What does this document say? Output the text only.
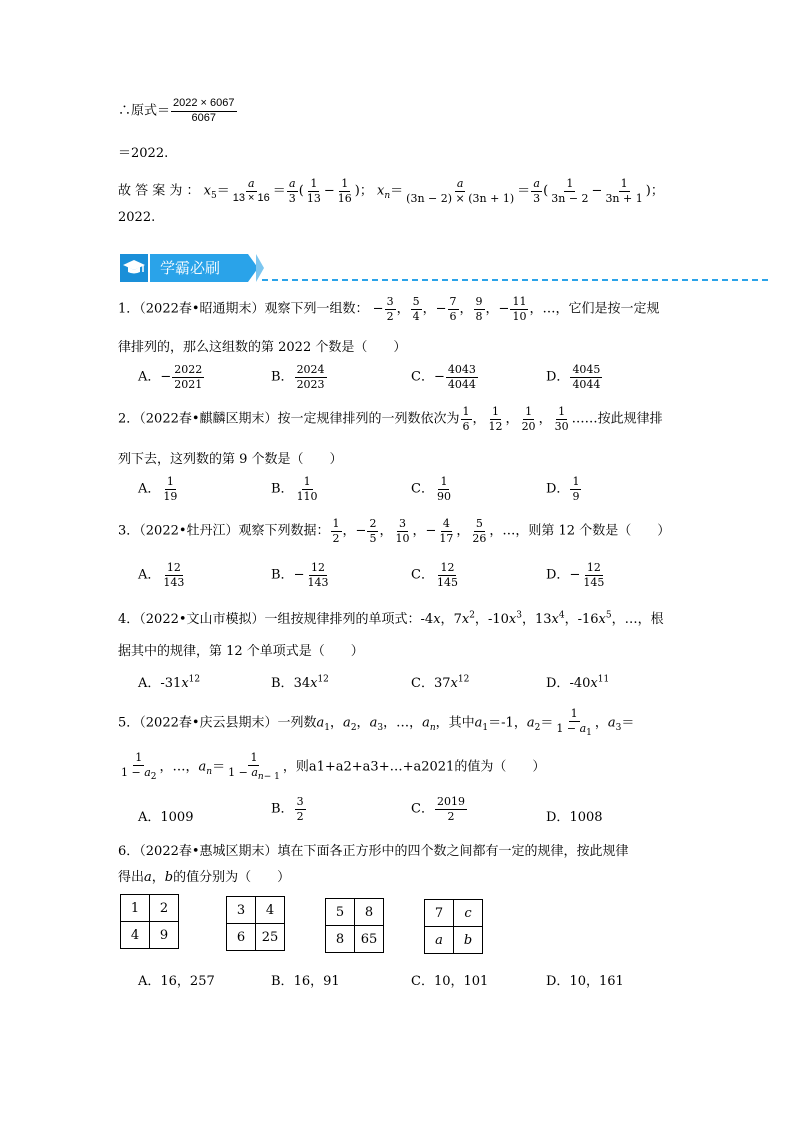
∴原式＝ $\frac{2022 \times 6067}{6067}$
＝2022.
故 答 案 为 ： $x_5= \frac{a}{13 \times 16} = \frac{a}{3}$ ( $\frac{1}{13} - \frac{1}{16}$ )； $x_n= \frac{a}{(3n - 2) \times (3n + 1)} = \frac{a}{3}$ ( $\frac{1}{3n - 2} - \frac{1}{3n + 1}$ )；
2022.
学霸必刷
1．（2022春•昭通期末）观察下列一组数： − $\frac{3}{2}$ ， $\frac{5}{4}$ ，− $\frac{7}{6}$ ， $\frac{9}{8}$ ，− $\frac{11}{10}$ ，…，它们是按一定规
律排列的，那么这组数的第 2022 个数是（　　）
A．− $\frac{2022}{2021}$	B． $\frac{2024}{2023}$	C．− $\frac{4043}{4044}$	D． $\frac{4045}{4044}$
2．（2022春•麒麟区期末）按一定规律排列的一列数依次为 $\frac{1}{6}$ ， $\frac{1}{12}$ ， $\frac{1}{20}$ ， $\frac{1}{30}$ ……按此规律排
列下去，这列数的第 9 个数是（　　）
A． $\frac{1}{19}$	B． $\frac{1}{110}$	C． $\frac{1}{90}$	D． $\frac{1}{9}$
3．（2022•牡丹江）观察下列数据： $\frac{1}{2}$ ，− $\frac{2}{5}$ ， $\frac{3}{10}$ ，− $\frac{4}{17}$ ， $\frac{5}{26}$ ，…，则第 12 个数是（　　）
A． $\frac{12}{143}$	B．− $\frac{12}{143}$	C． $\frac{12}{145}$	D．− $\frac{12}{145}$
4．（2022•文山市模拟）一组按规律排列的单项式：-4x，$7x^2$，$-10x^3$，$13x^4$，$-16x^5$，…，根
据其中的规律，第 12 个单项式是（　　）
A．$-31x^{12}$	B．$34x^{12}$	C．$37x^{12}$	D．$-40x^{11}$
5．（2022春•庆云县期末）一列数$a_1$，$a_2$，$a_3$，…，$a_n$，其中$a_1=-1$，$a_2= \frac{1}{1 - a_1}$ ，$a_3=$
$\frac{1}{1 - a_2}$ ，…，$a_n= \frac{1}{1 - a_{n- 1}}$ ，则a1+a2+a3+…+a2021的值为（　　）
A．1009
B． $\frac{3}{2}$	C． $\frac{2019}{2}$	D．1008
6．（2022春•惠城区期末）填在下面各正方形中的四个数之间都有一定的规律，按此规律
得出a，b的值分别为（　　）
1	2
4	9
3	4
6	25
5	8
8	65
7	c
a	b
A．16，257	B．16，91	C．10，101	D．10，161
